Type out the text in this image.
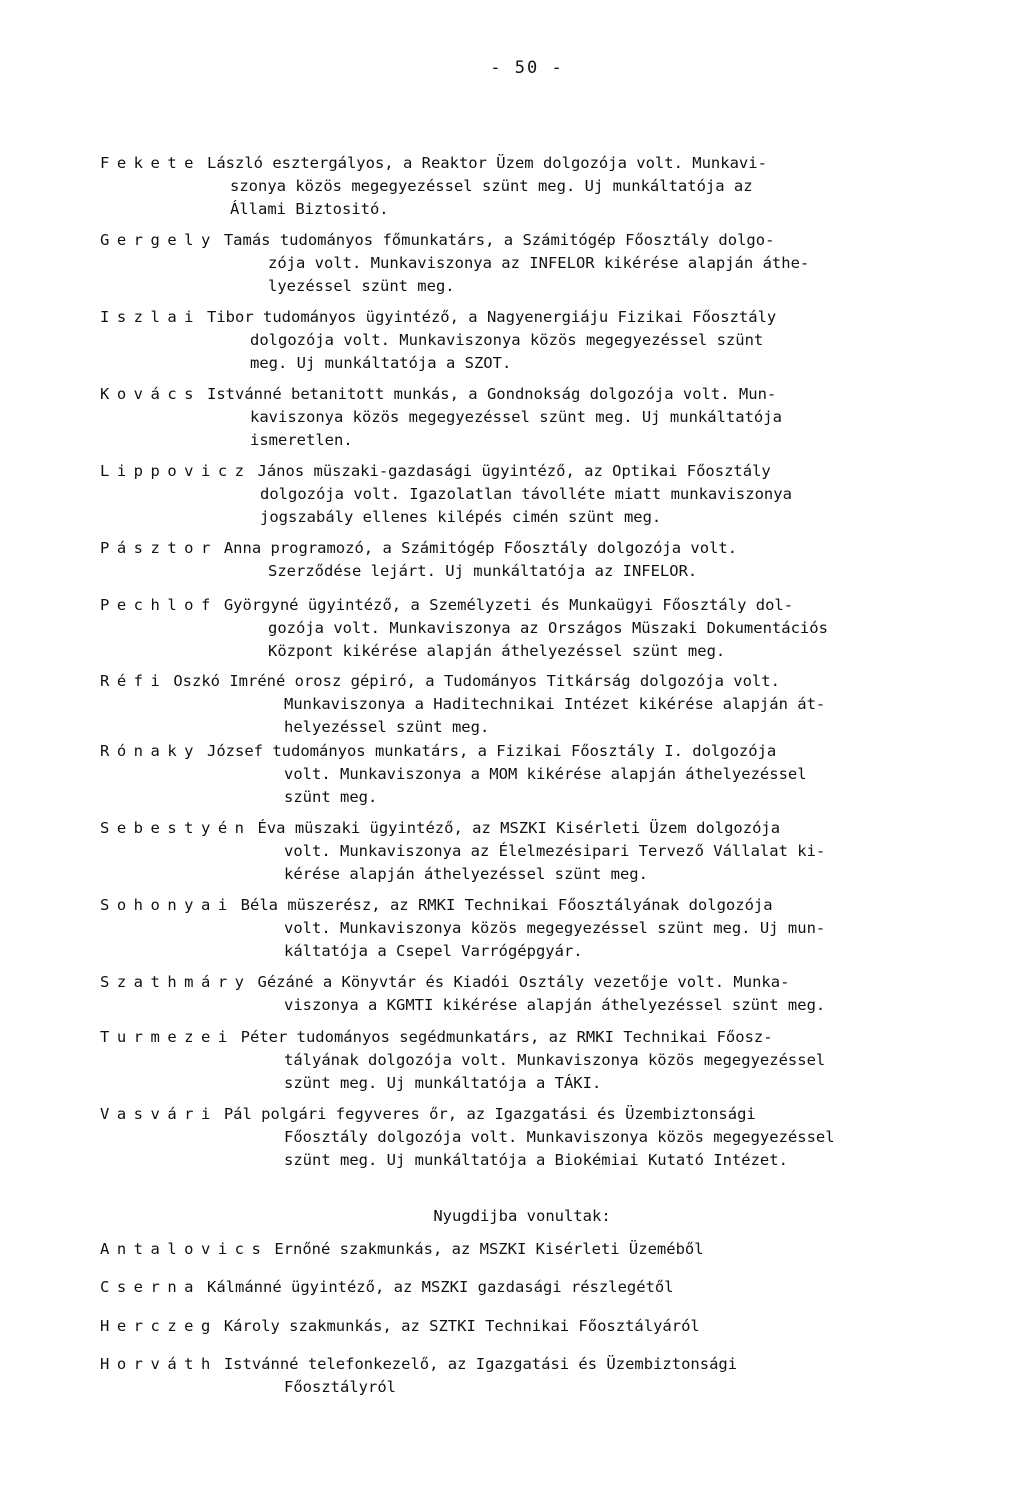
- 50 -
Fekete László esztergályos, a Reaktor Üzem dolgozója volt. Munkavi-
szonya közös megegyezéssel szünt meg. Uj munkáltatója az
Állami Biztositó.
Gergely Tamás tudományos főmunkatárs, a Számitógép Főosztály dolgo-
zója volt. Munkaviszonya az INFELOR kikérése alapján áthe-
lyezéssel szünt meg.
Iszlai Tibor tudományos ügyintéző, a Nagyenergiáju Fizikai Főosztály
dolgozója volt. Munkaviszonya közös megegyezéssel szünt
meg. Uj munkáltatója a SZOT.
Kovács Istvánné betanitott munkás, a Gondnokság dolgozója volt. Mun-
kaviszonya közös megegyezéssel szünt meg. Uj munkáltatója
ismeretlen.
Lippovicz János müszaki-gazdasági ügyintéző, az Optikai Főosztály
dolgozója volt. Igazolatlan távolléte miatt munkaviszonya
jogszabály ellenes kilépés cimén szünt meg.
Pásztor Anna programozó, a Számitógép Főosztály dolgozója volt.
Szerződése lejárt. Uj munkáltatója az INFELOR.
Pechlof Györgyné ügyintéző, a Személyzeti és Munkaügyi Főosztály dol-
gozója volt. Munkaviszonya az Országos Müszaki Dokumentációs
Központ kikérése alapján áthelyezéssel szünt meg.
Réfi Oszkó Imréné orosz gépiró, a Tudományos Titkárság dolgozója volt.
Munkaviszonya a Haditechnikai Intézet kikérése alapján át-
helyezéssel szünt meg.
Rónaky József tudományos munkatárs, a Fizikai Főosztály I. dolgozója
volt. Munkaviszonya a MOM kikérése alapján áthelyezéssel
szünt meg.
Sebestyén Éva müszaki ügyintéző, az MSZKI Kisérleti Üzem dolgozója
volt. Munkaviszonya az Élelmezésipari Tervező Vállalat ki-
kérése alapján áthelyezéssel szünt meg.
Sohonyai Béla müszerész, az RMKI Technikai Főosztályának dolgozója
volt. Munkaviszonya közös megegyezéssel szünt meg. Uj mun-
káltatója a Csepel Varrógépgyár.
Szathmáry Gézáné a Könyvtár és Kiadói Osztály vezetője volt. Munka-
viszonya a KGMTI kikérése alapján áthelyezéssel szünt meg.
Turmezei Péter tudományos segédmunkatárs, az RMKI Technikai Főosz-
tályának dolgozója volt. Munkaviszonya közös megegyezéssel
szünt meg. Uj munkáltatója a TÁKI.
Vasvári Pál polgári fegyveres őr, az Igazgatási és Üzembiztonsági
Főosztály dolgozója volt. Munkaviszonya közös megegyezéssel
szünt meg. Uj munkáltatója a Biokémiai Kutató Intézet.
Nyugdijba vonultak:
Antalovics Ernőné szakmunkás, az MSZKI Kisérleti Üzeméből
Cserna Kálmánné ügyintéző, az MSZKI gazdasági részlegétől
Herczeg Károly szakmunkás, az SZTKI Technikai Főosztályáról
Horváth Istvánné telefonkezelő, az Igazgatási és Üzembiztonsági
Főosztályról
